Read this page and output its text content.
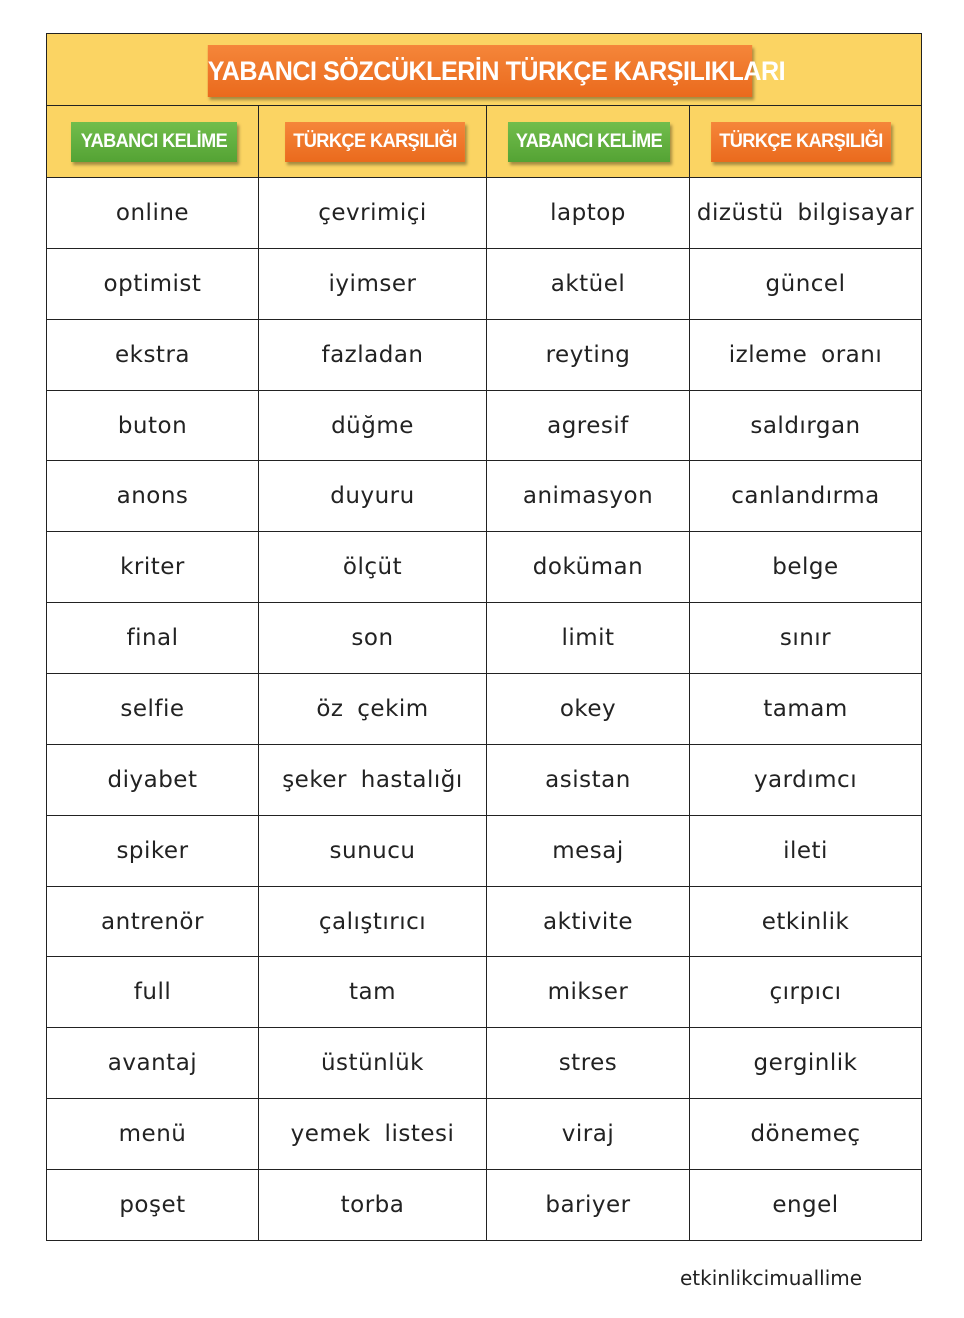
YABANCI SÖZCÜKLERİN TÜRKÇE KARŞILIKLARI
YABANCI KELİME	TÜRKÇE KARŞILIĞI	YABANCI KELİME	TÜRKÇE KARŞILIĞI
online	çevrimiçi	laptop	dizüstü bilgisayar
optimist	iyimser	aktüel	güncel
ekstra	fazladan	reyting	izleme oranı
buton	düğme	agresif	saldırgan
anons	duyuru	animasyon	canlandırma
kriter	ölçüt	doküman	belge
final	son	limit	sınır
selfie	öz çekim	okey	tamam
diyabet	şeker hastalığı	asistan	yardımcı
spiker	sunucu	mesaj	ileti
antrenör	çalıştırıcı	aktivite	etkinlik
full	tam	mikser	çırpıcı
avantaj	üstünlük	stres	gerginlik
menü	yemek listesi	viraj	dönemeç
poşet	torba	bariyer	engel
etkinlikcimuallime
